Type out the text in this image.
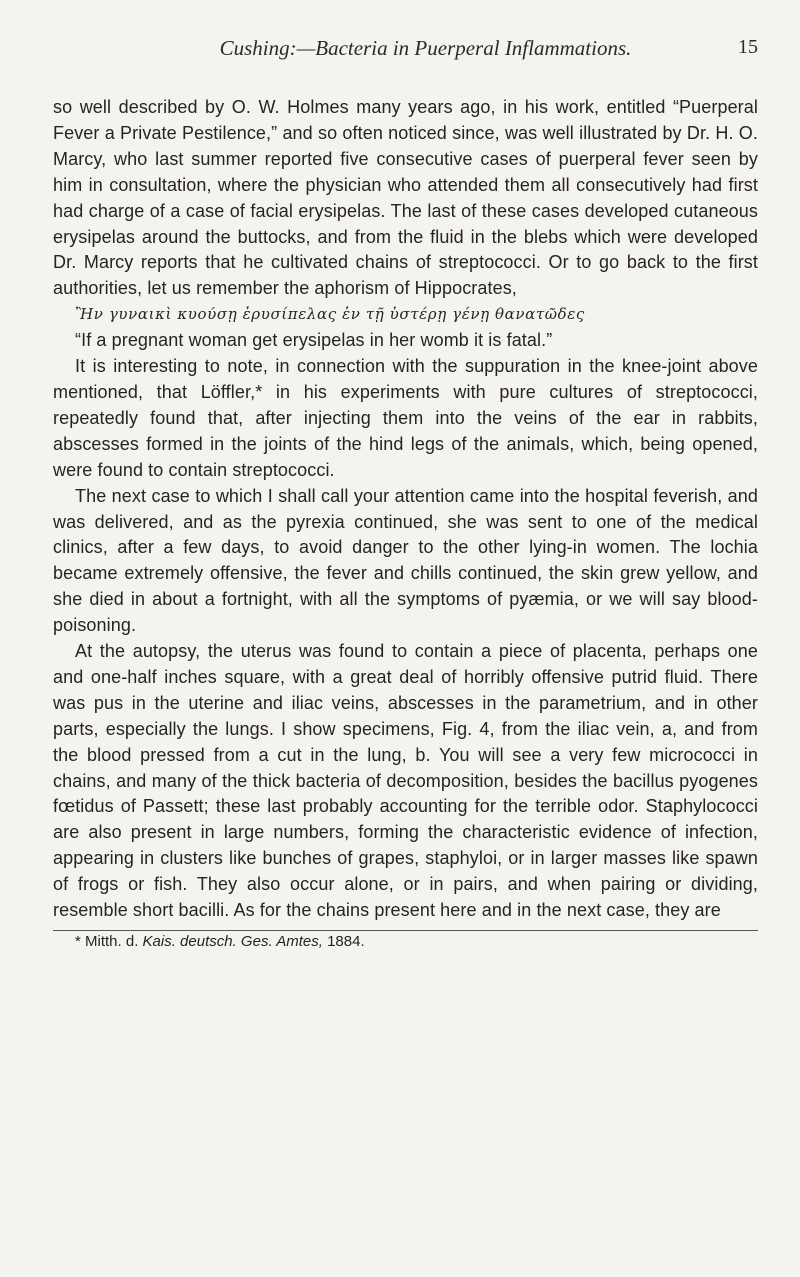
Cushing:—Bacteria in Puerperal Inflammations.	15

so well described by O. W. Holmes many years ago, in his work, entitled “Puerperal Fever a Private Pestilence,” and so often noticed since, was well illustrated by Dr. H. O. Marcy, who last summer reported five consecutive cases of puerperal fever seen by him in consultation, where the physician who attended them all consecutively had first had charge of a case of facial erysipelas. The last of these cases developed cutaneous erysipelas around the buttocks, and from the fluid in the blebs which were developed Dr. Marcy reports that he cultivated chains of streptococci. Or to go back to the first authorities, let us remember the aphorism of Hippocrates,

Ἢν γυναικὶ κυούσῃ ἐρυσίπελας ἐν τῇ ὑστέρῃ γένῃ θανατῶδες

“If a pregnant woman get erysipelas in her womb it is fatal.”

It is interesting to note, in connection with the suppuration in the knee-joint above mentioned, that Löffler,* in his experiments with pure cultures of streptococci, repeatedly found that, after injecting them into the veins of the ear in rabbits, abscesses formed in the joints of the hind legs of the animals, which, being opened, were found to contain streptococci.

The next case to which I shall call your attention came into the hospital feverish, and was delivered, and as the pyrexia continued, she was sent to one of the medical clinics, after a few days, to avoid danger to the other lying-in women. The lochia became extremely offensive, the fever and chills continued, the skin grew yellow, and she died in about a fortnight, with all the symptoms of pyæmia, or we will say blood-poisoning.

At the autopsy, the uterus was found to contain a piece of placenta, perhaps one and one-half inches square, with a great deal of horribly offensive putrid fluid. There was pus in the uterine and iliac veins, abscesses in the parametrium, and in other parts, especially the lungs. I show specimens, Fig. 4, from the iliac vein, a, and from the blood pressed from a cut in the lung, b. You will see a very few micrococci in chains, and many of the thick bacteria of decomposition, besides the bacillus pyogenes fœtidus of Passett; these last probably accounting for the terrible odor. Staphylococci are also present in large numbers, forming the characteristic evidence of infection, appearing in clusters like bunches of grapes, staphyloi, or in larger masses like spawn of frogs or fish. They also occur alone, or in pairs, and when pairing or dividing, resemble short bacilli. As for the chains present here and in the next case, they are

* Mitth. d. Kais. deutsch. Ges. Amtes, 1884.
